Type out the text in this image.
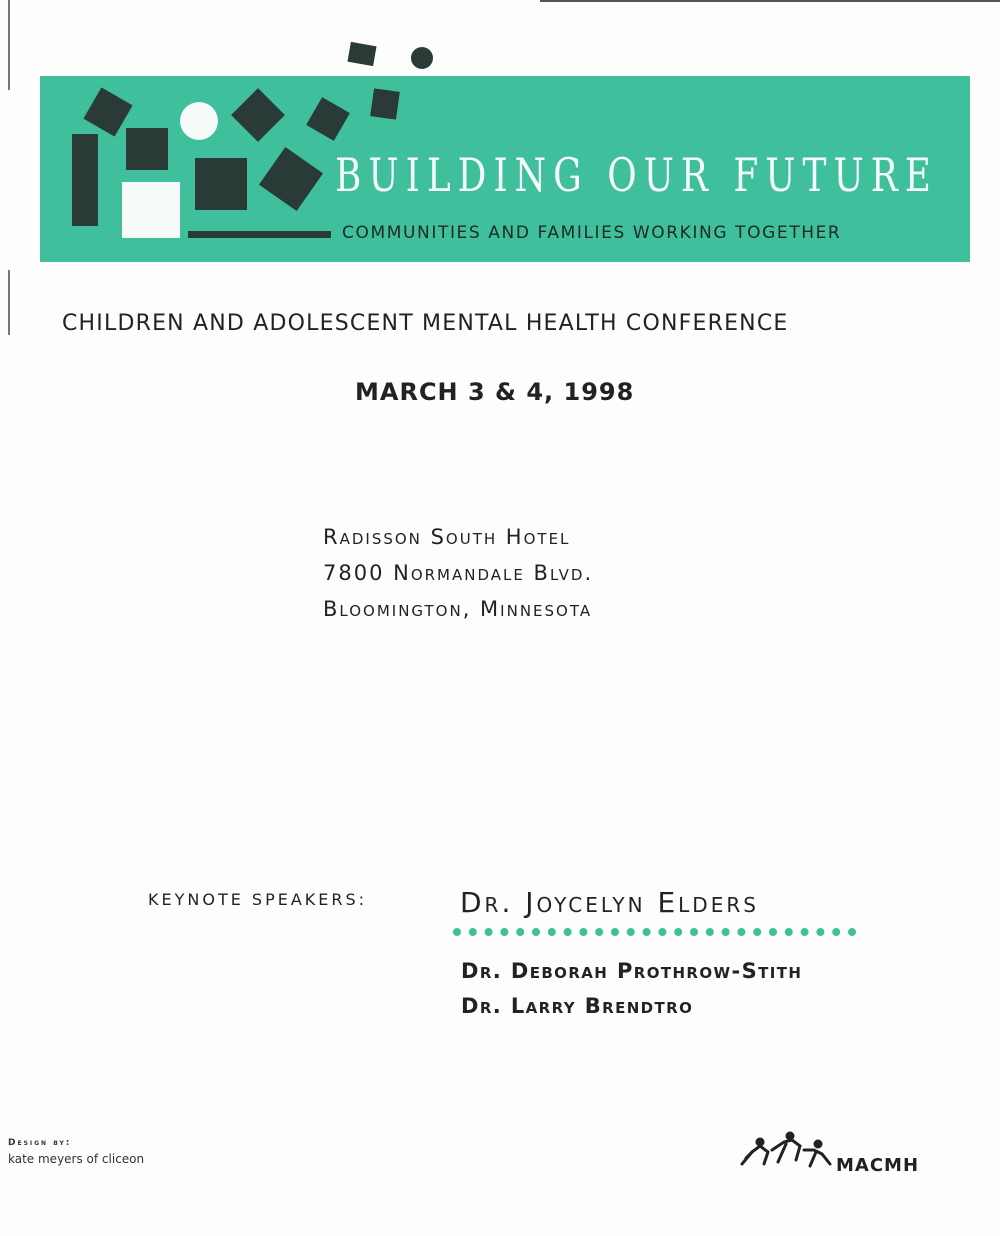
BUILDING OUR FUTURE
COMMUNITIES AND FAMILIES WORKING TOGETHER
CHILDREN AND ADOLESCENT MENTAL HEALTH CONFERENCE
MARCH 3 & 4, 1998
Radisson South Hotel
7800 Normandale Blvd.
Bloomington, Minnesota
KEYNOTE SPEAKERS:	Dr. Joycelyn Elders
Dr. Deborah Prothrow-Stith
Dr. Larry Brendtro
Design by:
kate meyers of cliceon	MACMH
